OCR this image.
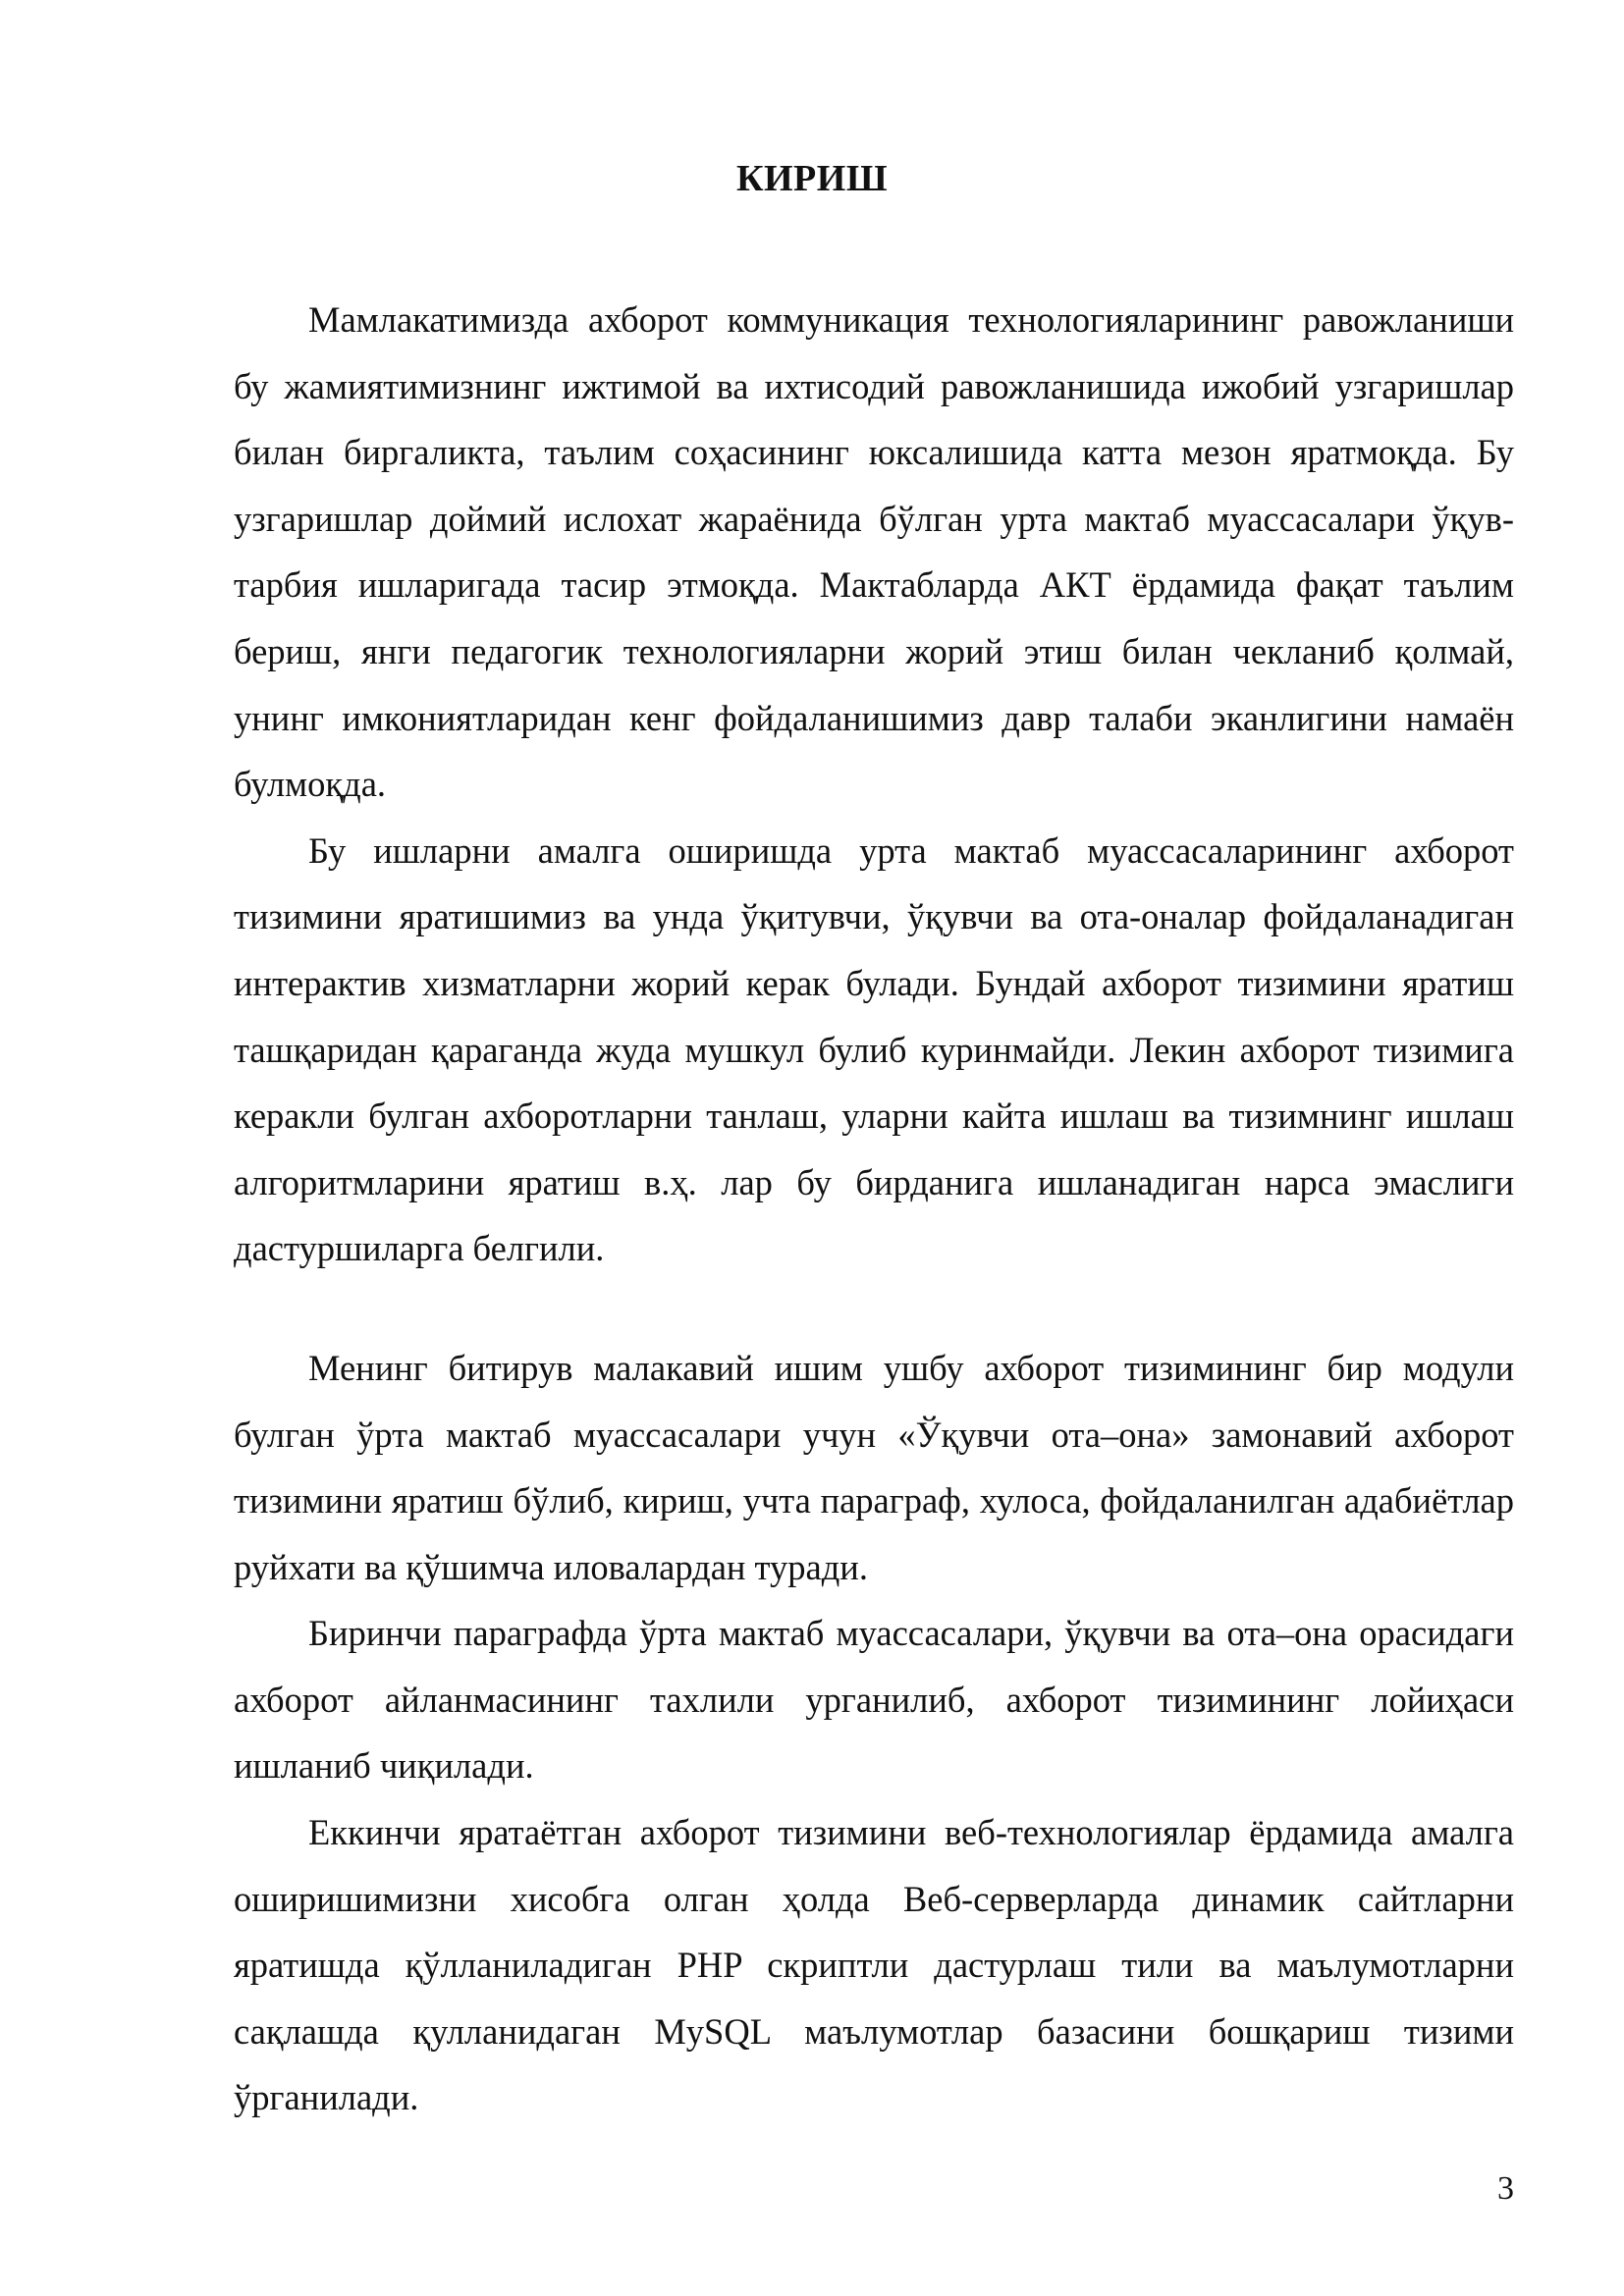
КИРИШ

Мамлакатимизда ахборот коммуникация технологияларининг равожланиши бу жамиятимизнинг ижтимой ва ихтисодий равожланишида ижобий узгаришлар билан биргаликта, таълим соҳасининг юксалишида катта мезон яратмоқда. Бу узгаришлар доймий ислохат жараёнида бўлган урта мактаб муассасалари ўқув-тарбия ишларигада тасир этмоқда. Мактабларда АКТ ёрдамида фақат таълим бериш, янги педагогик технологияларни жорий этиш билан чекланиб қолмай, унинг имкониятларидан кенг фойдаланишимиз давр талаби эканлигини намаён булмоқда.

Бу ишларни амалга оширишда урта мактаб муассасаларининг ахборот тизимини яратишимиз ва унда ўқитувчи, ўқувчи ва ота-оналар фойдаланадиган интерактив хизматларни жорий керак булади. Бундай ахборот тизимини яратиш ташқаридан қараганда жуда мушкул булиб куринмайди. Лекин ахборот тизимига керакли булган ахборотларни танлаш, уларни кайта ишлаш ва тизимнинг ишлаш алгоритмларини яратиш в.ҳ. лар бу бирданига ишланадиган нарса эмаслиги дастуршиларга белгили.

Менинг битирув малакавий ишим ушбу ахборот тизимининг бир модули булган ўрта мактаб муассасалари учун «Ўқувчи ота–она» замонавий ахборот тизимини яратиш бўлиб, кириш, учта параграф, хулоса, фойдаланилган адабиётлар руйхати ва қўшимча иловалардан туради.

Биринчи параграфда ўрта мактаб муассасалари, ўқувчи ва ота–она орасидаги ахборот айланмасининг тахлили урганилиб, ахборот тизимининг лойиҳаси ишланиб чиқилади.

Еккинчи яратаётган ахборот тизимини веб-технологиялар ёрдамида амалга оширишимизни хисобга олган ҳолда Веб-серверларда динамик сайтларни яратишда қўлланиладиган PHP скриптли дастурлаш тили ва маълумотларни сақлашда қулланидаган MySQL маълумотлар базасини бошқариш тизими ўрганилади.

3
